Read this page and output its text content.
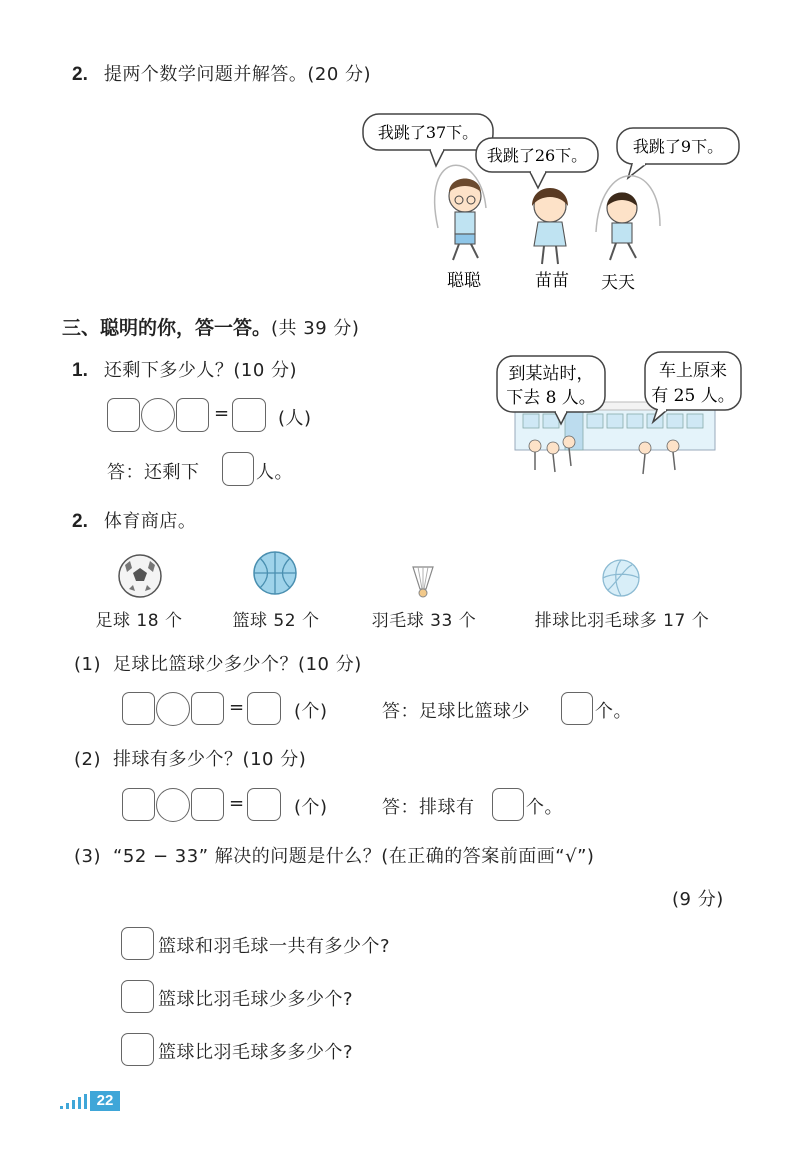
2. 提两个数学问题并解答。(20 分)
我跳了37下。
我跳了26下。	我跳了9下。
聪聪	苗苗 天天
三、聪明的你，答一答。(共 39 分)
1. 还剩下多少人？(10 分)
=	(人)
答：还剩下	人。
到某站时，
下去 8 人。
车上原来
有 25 人。
2. 体育商店。
足球 18 个	篮球 52 个	羽毛球 33 个	排球比羽毛球多 17 个
(1) 足球比篮球少多少个？(10 分)
=	(个)	答：足球比篮球少	个。
(2) 排球有多少个？(10 分)
=	(个)	答：排球有	个。
(3) “52 − 33” 解决的问题是什么？(在正确的答案前面画“√”)
(9 分)
篮球和羽毛球一共有多少个?
篮球比羽毛球少多少个?
篮球比羽毛球多多少个?
22
